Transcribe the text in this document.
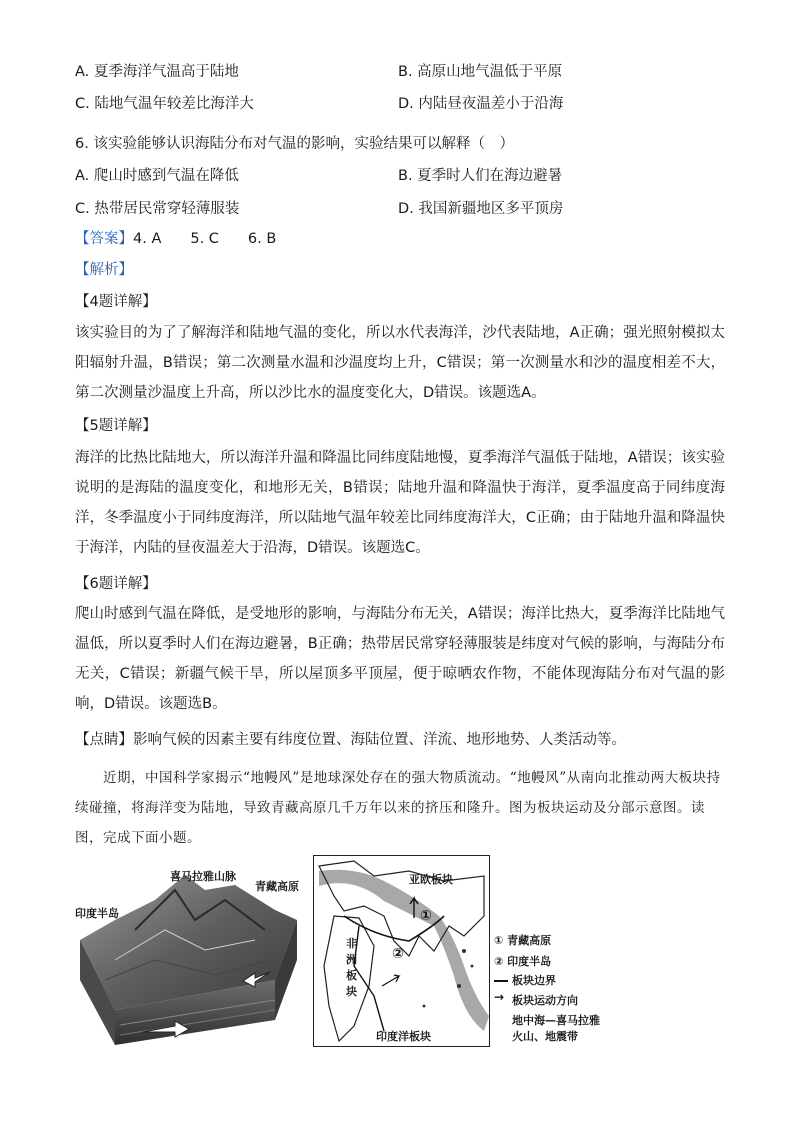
A. 夏季海洋气温高于陆地	B. 高原山地气温低于平原
C. 陆地气温年较差比海洋大	D. 内陆昼夜温差小于沿海
6. 该实验能够认识海陆分布对气温的影响，实验结果可以解释（　）
A. 爬山时感到气温在降低	B. 夏季时人们在海边避暑
C. 热带居民常穿轻薄服装	D. 我国新疆地区多平顶房
【答案】4. A　　5. C　　6. B
【解析】
【4题详解】
该实验目的为了了解海洋和陆地气温的变化，所以水代表海洋，沙代表陆地，A正确；强光照射模拟太阳辐射升温，B错误；第二次测量水温和沙温度均上升，C错误；第一次测量水和沙的温度相差不大，第二次测量沙温度上升高，所以沙比水的温度变化大，D错误。该题选A。
【5题详解】
海洋的比热比陆地大，所以海洋升温和降温比同纬度陆地慢，夏季海洋气温低于陆地，A错误；该实验说明的是海陆的温度变化，和地形无关，B错误；陆地升温和降温快于海洋，夏季温度高于同纬度海洋，冬季温度小于同纬度海洋，所以陆地气温年较差比同纬度海洋大，C正确；由于陆地升温和降温快于海洋，内陆的昼夜温差大于沿海，D错误。该题选C。
【6题详解】
爬山时感到气温在降低，是受地形的影响，与海陆分布无关，A错误；海洋比热大，夏季海洋比陆地气温低，所以夏季时人们在海边避暑，B正确；热带居民常穿轻薄服装是纬度对气候的影响，与海陆分布无关，C错误；新疆气候干旱，所以屋顶多平顶屋，便于晾晒农作物，不能体现海陆分布对气温的影响，D错误。该题选B。
【点睛】影响气候的因素主要有纬度位置、海陆位置、洋流、地形地势、人类活动等。
近期，中国科学家揭示“地幔风”是地球深处存在的强大物质流动。“地幔风”从南向北推动两大板块持续碰撞，将海洋变为陆地，导致青藏高原几千万年以来的挤压和隆升。图为板块运动及分部示意图。读图，完成下面小题。
喜马拉雅山脉
青藏高原
印度半岛
亚欧板块
非洲板块
印度洋板块
①
②
① 青藏高原
② 印度半岛
板块边界
→ 板块运动方向
地中海—喜马拉雅
火山、地震带
